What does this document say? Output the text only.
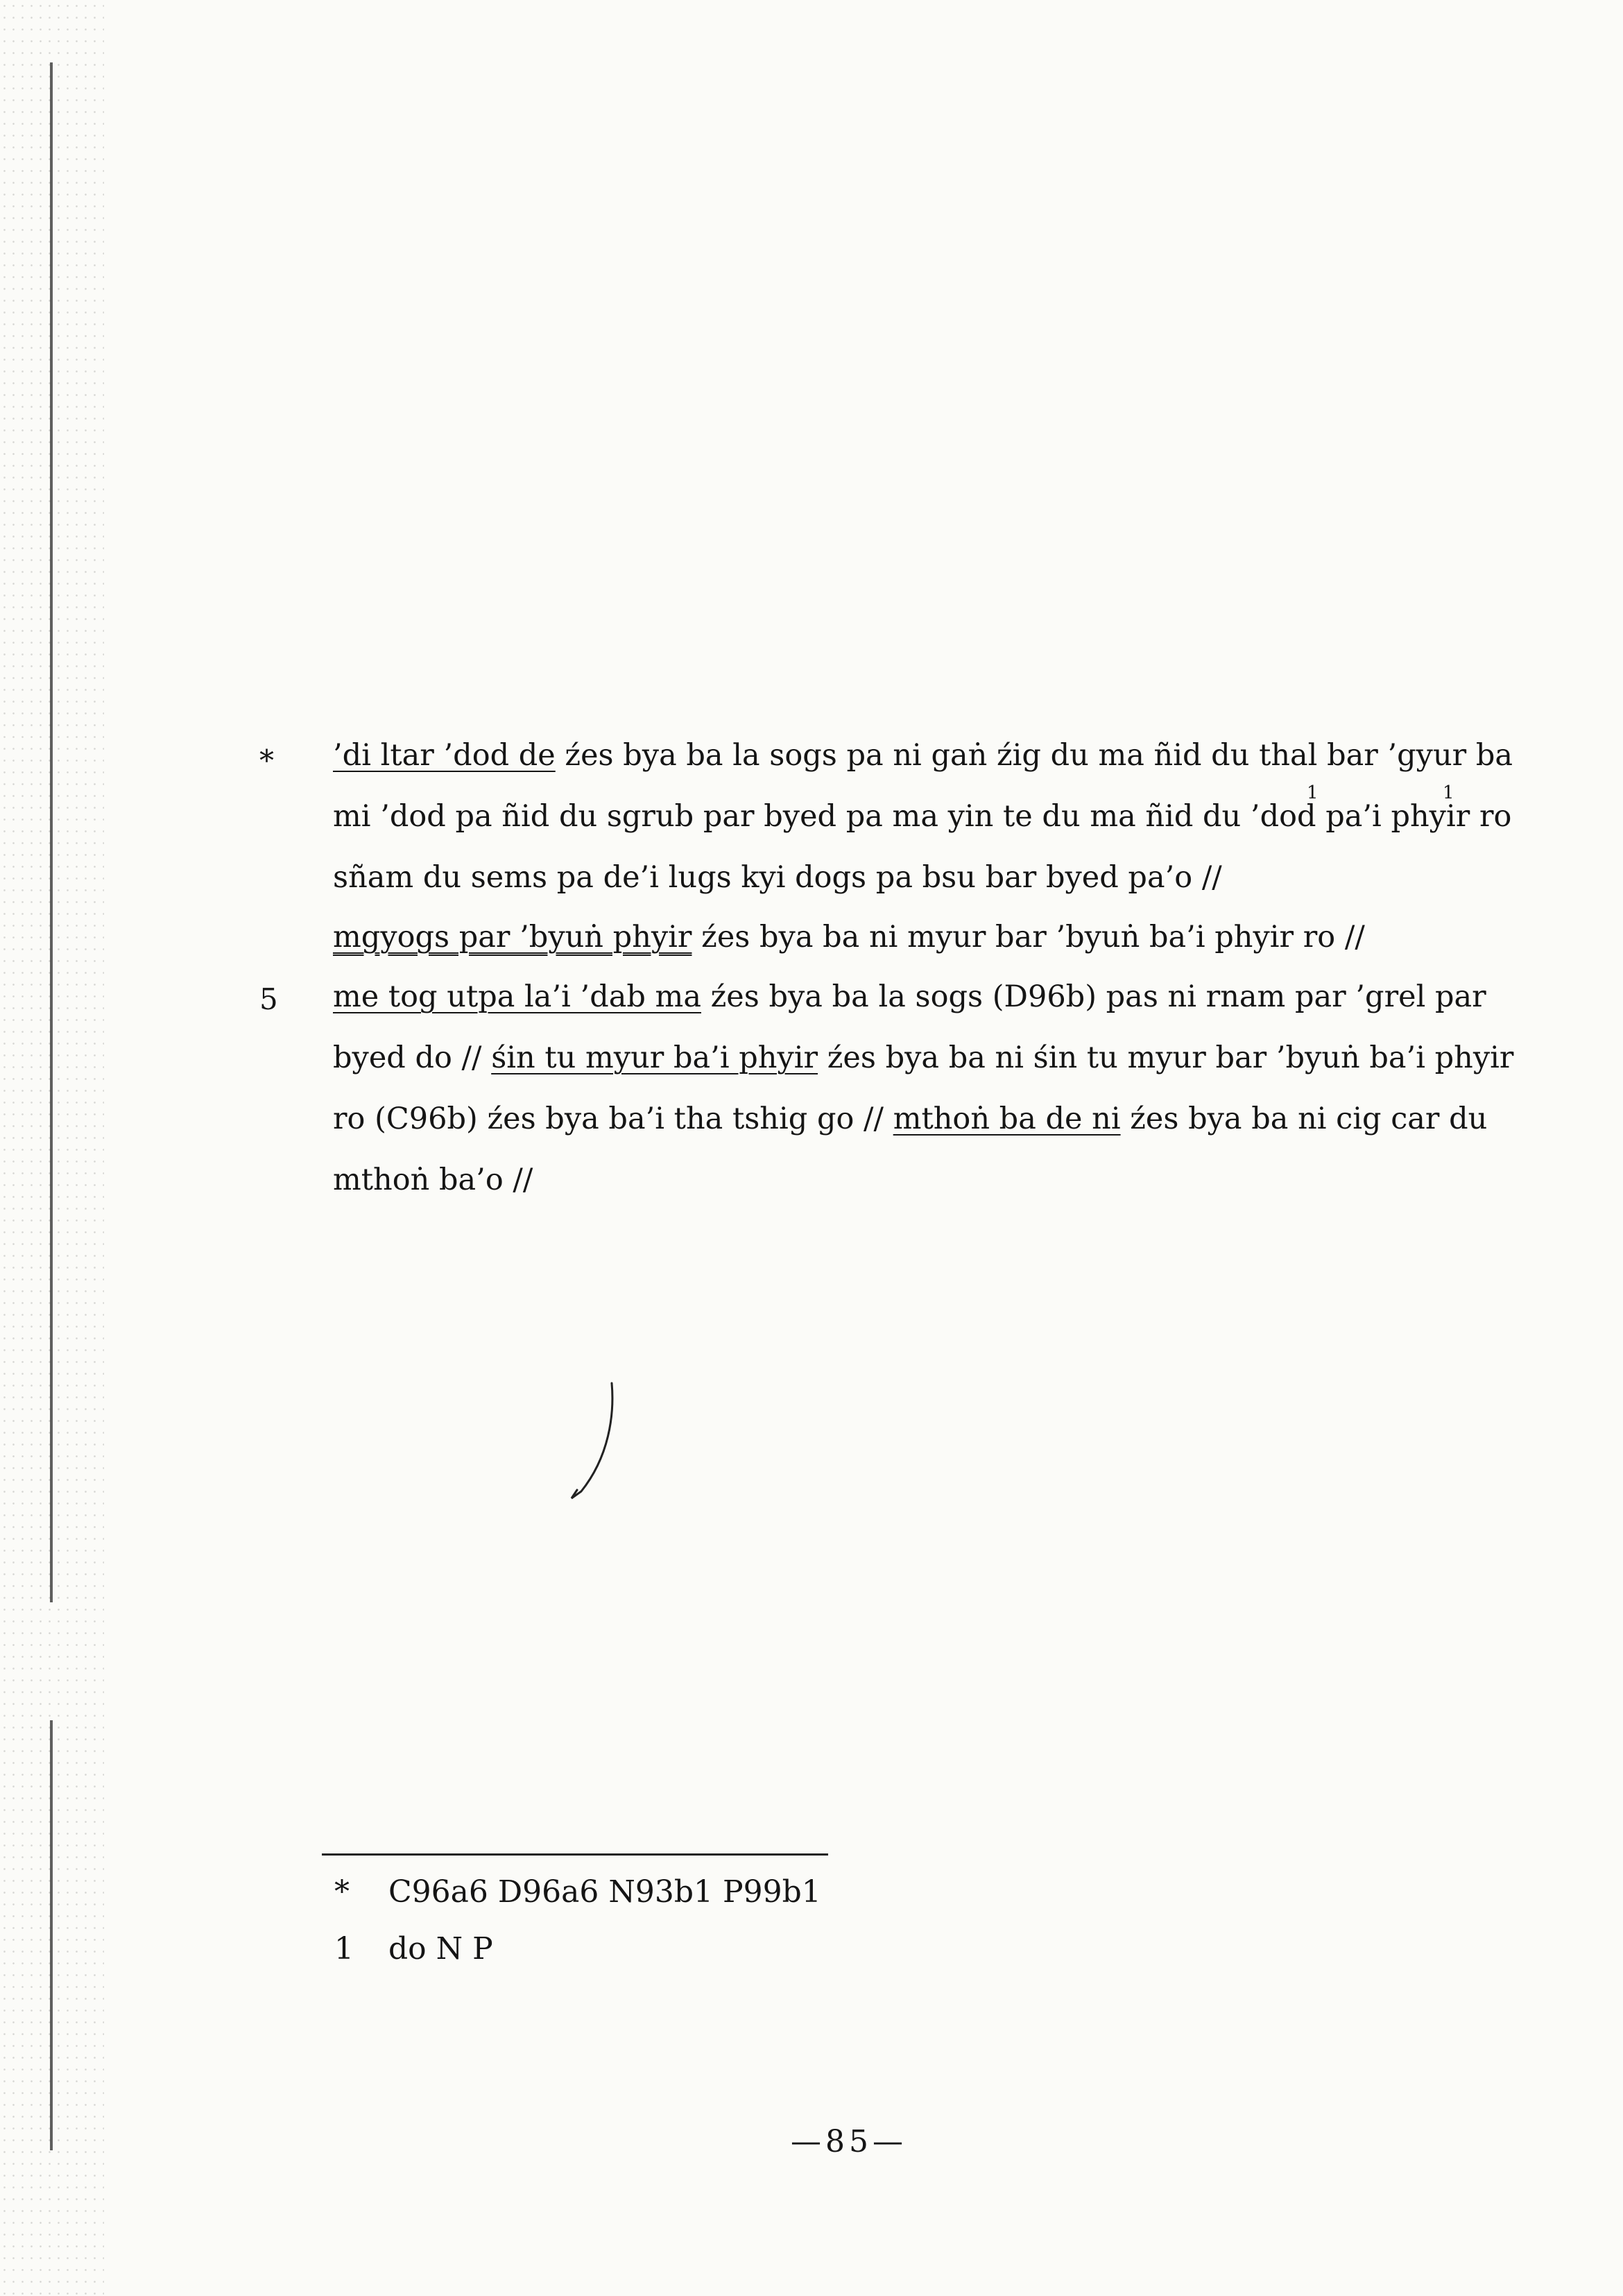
*
5
’di ltar ’dod de źes bya ba la sogs pa ni gaṅ źig du ma ñid du thal bar ’gyur ba
mi ’dod pa ñid du sgrub par byed pa ma yin te du ma ñid du ’dod pa’i phyir ro
1	1
sñam du sems pa de’i lugs kyi dogs pa bsu bar byed pa’o //
mgyogs par ’byuṅ phyir źes bya ba ni myur bar ’byuṅ ba’i phyir ro //
me tog utpa la’i ’dab ma źes bya ba la sogs (D96b) pas ni rnam par ’grel par
byed do // śin tu myur ba’i phyir źes bya ba ni śin tu myur bar ’byuṅ ba’i phyir
ro (C96b) źes bya ba’i tha tshig go // mthoṅ ba de ni źes bya ba ni cig car du
mthoṅ ba’o //
* C96a6 D96a6 N93b1 P99b1
1 do N P
—85—
